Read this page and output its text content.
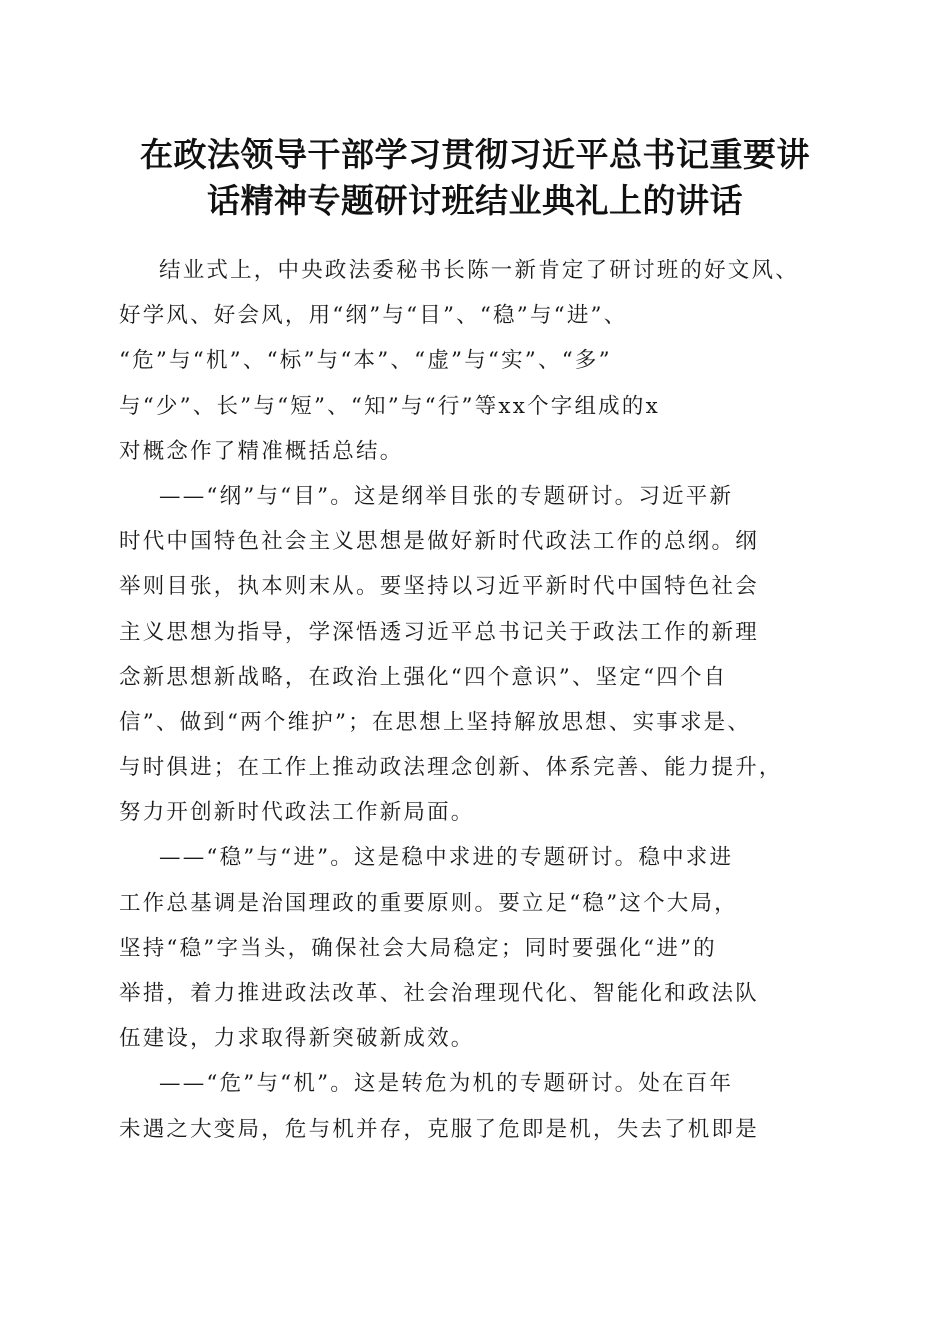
在政法领导干部学习贯彻习近平总书记重要讲
话精神专题研讨班结业典礼上的讲话
结业式上，中央政法委秘书长陈一新肯定了研讨班的好文风、
好学风、好会风，用“纲”与“目”、“稳”与“进”、
“危”与“机”、“标”与“本”、“虚”与“实”、“多”
与“少”、长”与“短”、“知”与“行”等xx个字组成的x
对概念作了精准概括总结。
——“纲”与“目”。这是纲举目张的专题研讨。习近平新
时代中国特色社会主义思想是做好新时代政法工作的总纲。纲
举则目张，执本则末从。要坚持以习近平新时代中国特色社会
主义思想为指导，学深悟透习近平总书记关于政法工作的新理
念新思想新战略，在政治上强化“四个意识”、坚定“四个自
信”、做到“两个维护”；在思想上坚持解放思想、实事求是、
与时俱进；在工作上推动政法理念创新、体系完善、能力提升，
努力开创新时代政法工作新局面。
——“稳”与“进”。这是稳中求进的专题研讨。稳中求进
工作总基调是治国理政的重要原则。要立足“稳”这个大局，
坚持“稳”字当头，确保社会大局稳定；同时要强化“进”的
举措，着力推进政法改革、社会治理现代化、智能化和政法队
伍建设，力求取得新突破新成效。
——“危”与“机”。这是转危为机的专题研讨。处在百年
未遇之大变局，危与机并存，克服了危即是机，失去了机即是
